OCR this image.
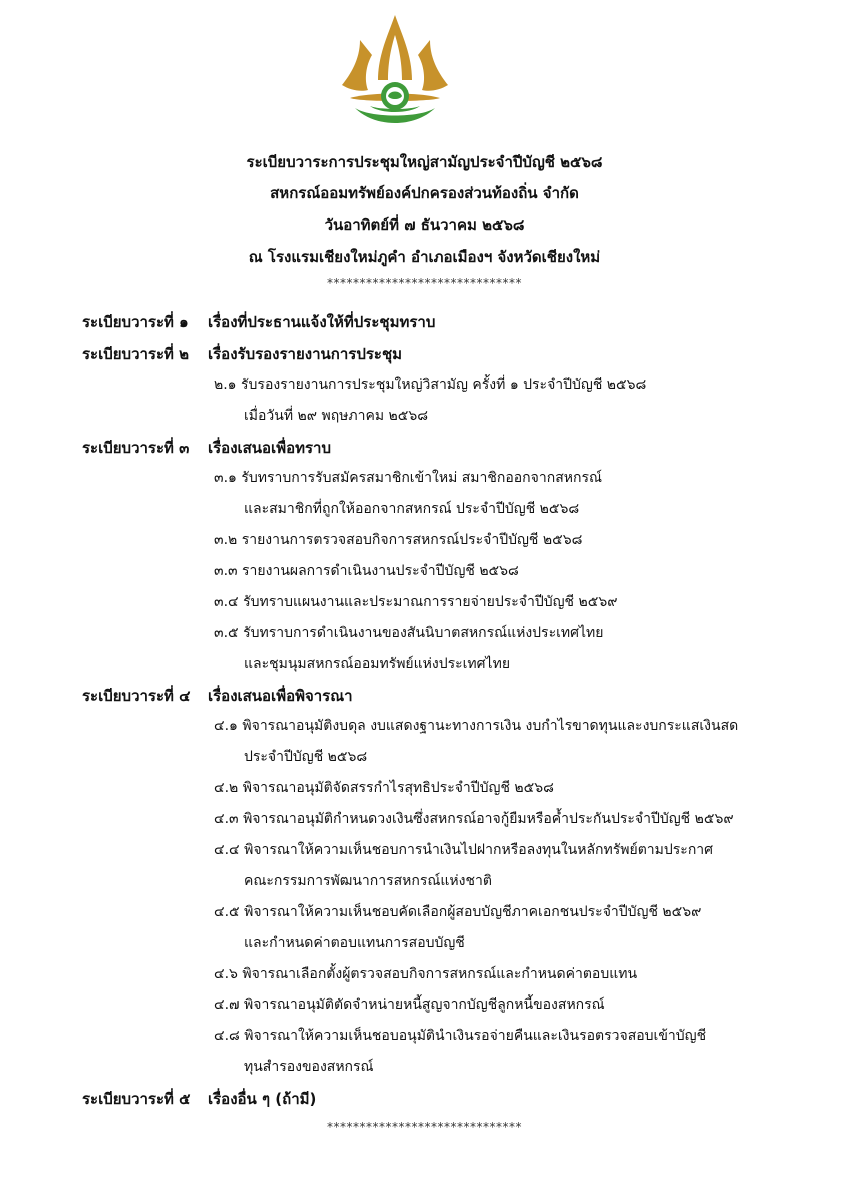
ระเบียบวาระการประชุมใหญ่สามัญประจำปีบัญชี ๒๕๖๘
สหกรณ์ออมทรัพย์องค์ปกครองส่วนท้องถิ่น จำกัด
วันอาทิตย์ที่ ๗ ธันวาคม ๒๕๖๘
ณ โรงแรมเชียงใหม่ภูคำ อำเภอเมืองฯ จังหวัดเชียงใหม่
******************************
ระเบียบวาระที่ ๑ เรื่องที่ประธานแจ้งให้ที่ประชุมทราบ
ระเบียบวาระที่ ๒ เรื่องรับรองรายงานการประชุม
๒.๑ รับรองรายงานการประชุมใหญ่วิสามัญ ครั้งที่ ๑ ประจำปีบัญชี ๒๕๖๘
เมื่อวันที่ ๒๙ พฤษภาคม ๒๕๖๘
ระเบียบวาระที่ ๓ เรื่องเสนอเพื่อทราบ
๓.๑ รับทราบการรับสมัครสมาชิกเข้าใหม่ สมาชิกออกจากสหกรณ์
และสมาชิกที่ถูกให้ออกจากสหกรณ์ ประจำปีบัญชี ๒๕๖๘
๓.๒ รายงานการตรวจสอบกิจการสหกรณ์ประจำปีบัญชี ๒๕๖๘
๓.๓ รายงานผลการดำเนินงานประจำปีบัญชี ๒๕๖๘
๓.๔ รับทราบแผนงานและประมาณการรายจ่ายประจำปีบัญชี ๒๕๖๙
๓.๕ รับทราบการดำเนินงานของสันนิบาตสหกรณ์แห่งประเทศไทย
และชุมนุมสหกรณ์ออมทรัพย์แห่งประเทศไทย
ระเบียบวาระที่ ๔ เรื่องเสนอเพื่อพิจารณา
๔.๑ พิจารณาอนุมัติงบดุล งบแสดงฐานะทางการเงิน งบกำไรขาดทุนและงบกระแสเงินสด
ประจำปีบัญชี ๒๕๖๘
๔.๒ พิจารณาอนุมัติจัดสรรกำไรสุทธิประจำปีบัญชี ๒๕๖๘
๔.๓ พิจารณาอนุมัติกำหนดวงเงินซึ่งสหกรณ์อาจกู้ยืมหรือค้ำประกันประจำปีบัญชี ๒๕๖๙
๔.๔ พิจารณาให้ความเห็นชอบการนำเงินไปฝากหรือลงทุนในหลักทรัพย์ตามประกาศ
คณะกรรมการพัฒนาการสหกรณ์แห่งชาติ
๔.๕ พิจารณาให้ความเห็นชอบคัดเลือกผู้สอบบัญชีภาคเอกชนประจำปีบัญชี ๒๕๖๙
และกำหนดค่าตอบแทนการสอบบัญชี
๔.๖ พิจารณาเลือกตั้งผู้ตรวจสอบกิจการสหกรณ์และกำหนดค่าตอบแทน
๔.๗ พิจารณาอนุมัติตัดจำหน่ายหนี้สูญจากบัญชีลูกหนี้ของสหกรณ์
๔.๘ พิจารณาให้ความเห็นชอบอนุมัตินำเงินรอจ่ายคืนและเงินรอตรวจสอบเข้าบัญชี
ทุนสำรองของสหกรณ์
ระเบียบวาระที่ ๕ เรื่องอื่น ๆ (ถ้ามี)
******************************
